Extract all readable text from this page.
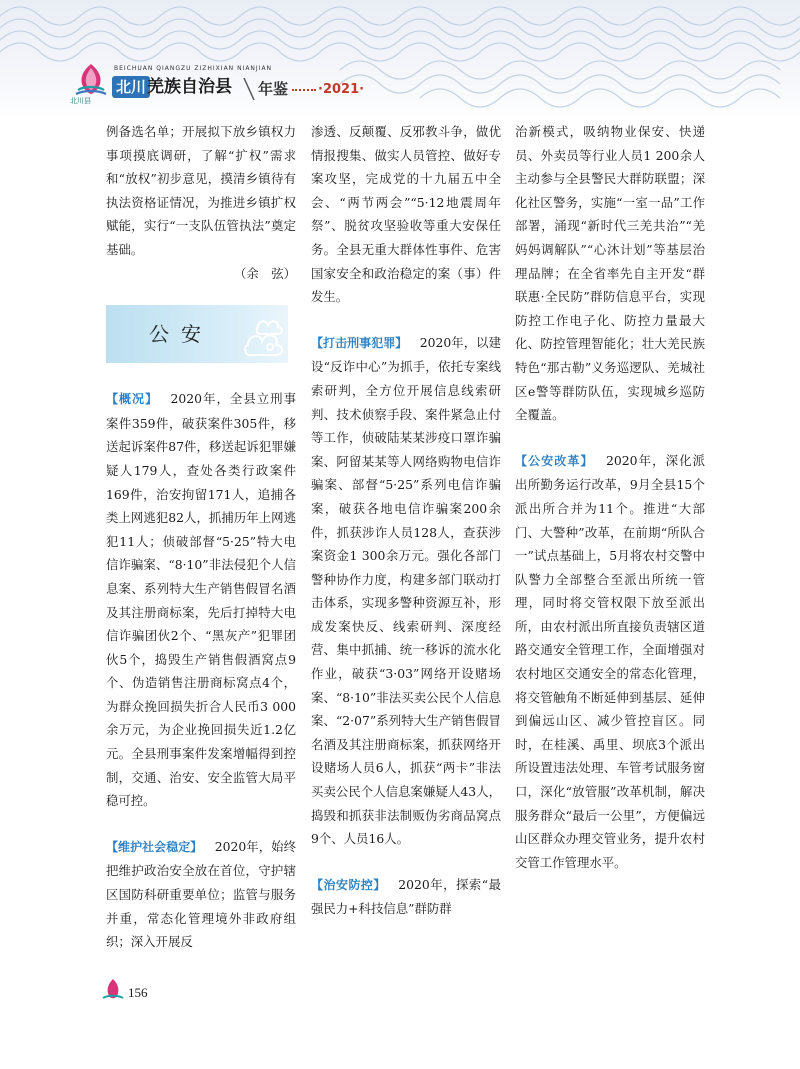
北川县
BEICHUAN QIANGZU ZIZHIXIAN NIANJIAN
北川 羌族自治县 年鉴 ·2021·

例备选名单；开展拟下放乡镇权力事项摸底调研，了解“扩权”需求和“放权”初步意见，摸清乡镇待有执法资格证情况，为推进乡镇扩权赋能，实行“一支队伍管执法”奠定基础。

（余　弦）

公安

【概况】  2020年，全县立刑事案件359件，破获案件305件，移送起诉案件87件，移送起诉犯罪嫌疑人179人，查处各类行政案件169件，治安拘留171人，追捕各类上网逃犯82人，抓捕历年上网逃犯11人；侦破部督“5·25”特大电信诈骗案、“8·10”非法侵犯个人信息案、系列特大生产销售假冒名酒及其注册商标案，先后打掉特大电信诈骗团伙2个、“黑灰产”犯罪团伙5个，捣毁生产销售假酒窝点9个、伪造销售注册商标窝点4个，为群众挽回损失折合人民币3 000余万元，为企业挽回损失近1.2亿元。全县刑事案件发案增幅得到控制，交通、治安、安全监管大局平稳可控。

【维护社会稳定】  2020年，始终把维护政治安全放在首位，守护辖区国防科研重要单位；监管与服务并重，常态化管理境外非政府组织；深入开展反

渗透、反颠覆、反邪教斗争，做优情报搜集、做实人员管控、做好专案攻坚，完成党的十九届五中全会、“两节两会”“5·12地震周年祭”、脱贫攻坚验收等重大安保任务。全县无重大群体性事件、危害国家安全和政治稳定的案（事）件发生。

【打击刑事犯罪】  2020年，以建设“反诈中心”为抓手，依托专案线索研判，全方位开展信息线索研判、技术侦察手段、案件紧急止付等工作，侦破陆某某涉疫口罩诈骗案、阿留某某等人网络购物电信诈骗案、部督“5·25”系列电信诈骗案，破获各地电信诈骗案200余件，抓获涉诈人员128人，查获涉案资金1 300余万元。强化各部门警种协作力度，构建多部门联动打击体系，实现多警种资源互补，形成发案快反、线索研判、深度经营、集中抓捕、统一移诉的流水化作业，破获“3·03”网络开设赌场案、“8·10”非法买卖公民个人信息案、“2·07”系列特大生产销售假冒名酒及其注册商标案，抓获网络开设赌场人员6人，抓获“两卡”非法买卖公民个人信息案嫌疑人43人，捣毁和抓获非法制贩伪劣商品窝点9个、人员16人。

【治安防控】  2020年，探索“最强民力+科技信息”群防群

治新模式，吸纳物业保安、快递员、外卖员等行业人员1 200余人主动参与全县警民大群防联盟；深化社区警务，实施“一室一品”工作部署，涌现“新时代三羌共治”“羌妈妈调解队”“心沐计划”等基层治理品牌；在全省率先自主开发“群联惠·全民防”群防信息平台，实现防控工作电子化、防控力量最大化、防控管理智能化；壮大羌民族特色“那古勒”义务巡逻队、羌城社区e警等群防队伍，实现城乡巡防全覆盖。

【公安改革】  2020年，深化派出所勤务运行改革，9月全县15个派出所合并为11个。推进“大部门、大警种”改革，在前期“所队合一”试点基础上，5月将农村交警中队警力全部整合至派出所统一管理，同时将交管权限下放至派出所，由农村派出所直接负责辖区道路交通安全管理工作，全面增强对农村地区交通安全的常态化管理，将交管触角不断延伸到基层、延伸到偏远山区、减少管控盲区。同时，在桂溪、禹里、坝底3个派出所设置违法处理、车管考试服务窗口，深化“放管服”改革机制，解决服务群众“最后一公里”，方便偏远山区群众办理交管业务，提升农村交管工作管理水平。

156
